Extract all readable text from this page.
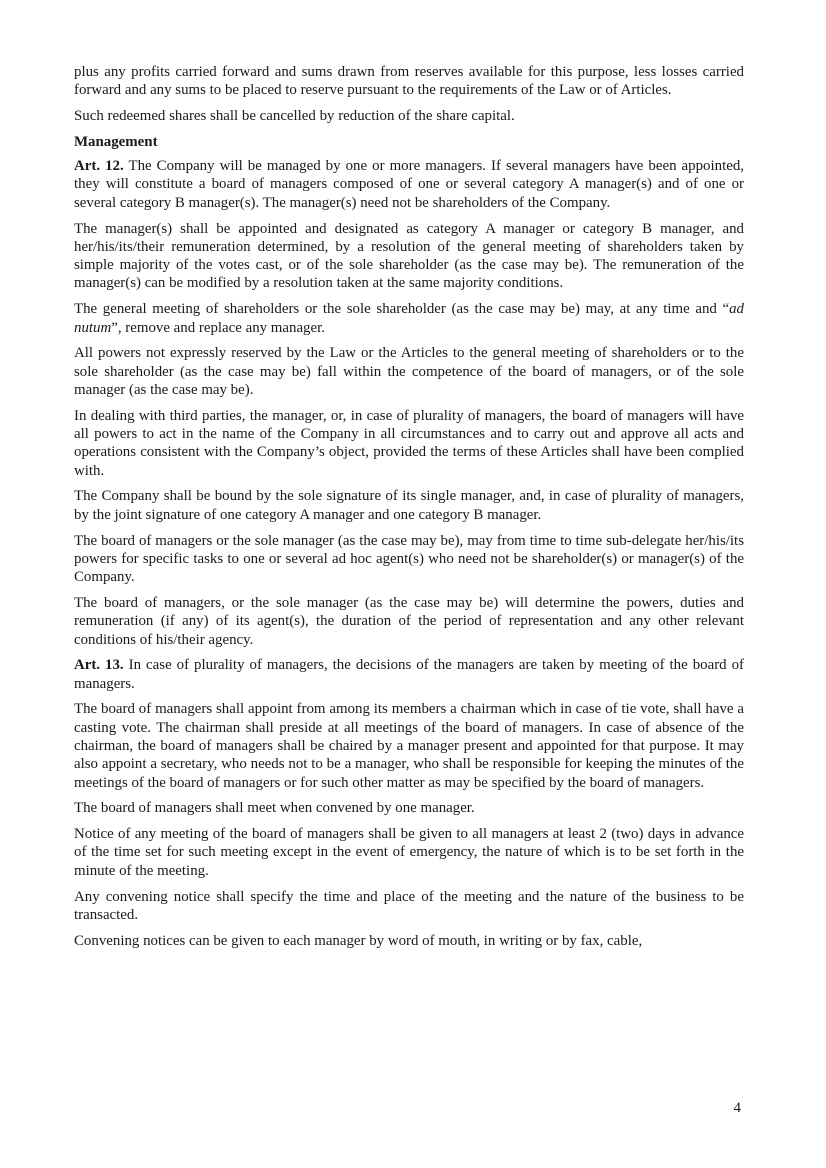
plus any profits carried forward and sums drawn from reserves available for this purpose, less losses carried forward and any sums to be placed to reserve pursuant to the requirements of the Law or of Articles.

Such redeemed shares shall be cancelled by reduction of the share capital.

Management

Art. 12. The Company will be managed by one or more managers. If several managers have been appointed, they will constitute a board of managers composed of one or several category A manager(s) and of one or several category B manager(s). The manager(s) need not be shareholders of the Company.

The manager(s) shall be appointed and designated as category A manager or category B manager, and her/his/its/their remuneration determined, by a resolution of the general meeting of shareholders taken by simple majority of the votes cast, or of the sole shareholder (as the case may be). The remuneration of the manager(s) can be modified by a resolution taken at the same majority conditions.

The general meeting of shareholders or the sole shareholder (as the case may be) may, at any time and “ad nutum”, remove and replace any manager.

All powers not expressly reserved by the Law or the Articles to the general meeting of shareholders or to the sole shareholder (as the case may be) fall within the competence of the board of managers, or of the sole manager (as the case may be).

In dealing with third parties, the manager, or, in case of plurality of managers, the board of managers will have all powers to act in the name of the Company in all circumstances and to carry out and approve all acts and operations consistent with the Company’s object, provided the terms of these Articles shall have been complied with.

The Company shall be bound by the sole signature of its single manager, and, in case of plurality of managers, by the joint signature of one category A manager and one category B manager.

The board of managers or the sole manager (as the case may be), may from time to time sub-delegate her/his/its powers for specific tasks to one or several ad hoc agent(s) who need not be shareholder(s) or manager(s) of the Company.

The board of managers, or the sole manager (as the case may be) will determine the powers, duties and remuneration (if any) of its agent(s), the duration of the period of representation and any other relevant conditions of his/their agency.

Art. 13. In case of plurality of managers, the decisions of the managers are taken by meeting of the board of managers.

The board of managers shall appoint from among its members a chairman which in case of tie vote, shall have a casting vote. The chairman shall preside at all meetings of the board of managers. In case of absence of the chairman, the board of managers shall be chaired by a manager present and appointed for that purpose. It may also appoint a secretary, who needs not to be a manager, who shall be responsible for keeping the minutes of the meetings of the board of managers or for such other matter as may be specified by the board of managers.

The board of managers shall meet when convened by one manager.

Notice of any meeting of the board of managers shall be given to all managers at least 2 (two) days in advance of the time set for such meeting except in the event of emergency, the nature of which is to be set forth in the minute of the meeting.

Any convening notice shall specify the time and place of the meeting and the nature of the business to be transacted.

Convening notices can be given to each manager by word of mouth, in writing or by fax, cable,

4
